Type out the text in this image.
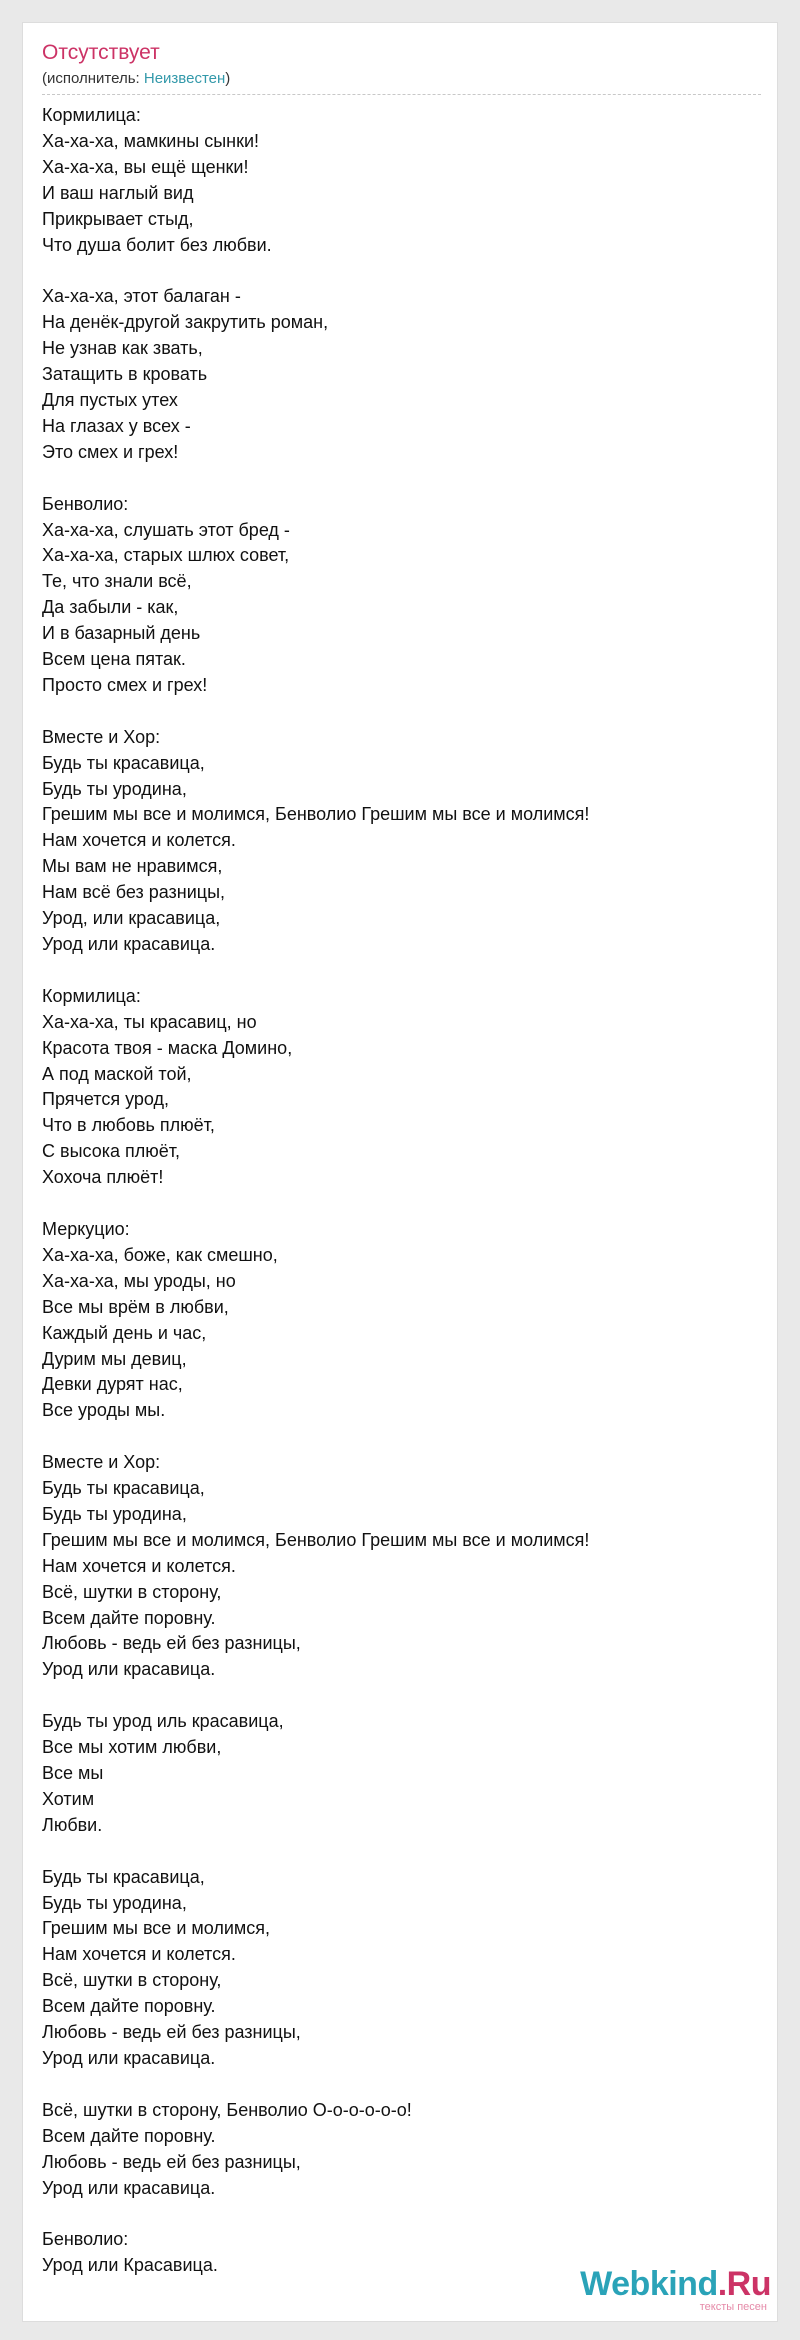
Отсутствует
(исполнитель: Неизвестен)
Кормилица:
Ха-ха-ха, мамкины сынки!
Ха-ха-ха, вы ещё щенки!
И ваш наглый вид
Прикрывает стыд,
Что душа болит без любви.

Ха-ха-ха, этот балаган -
На денёк-другой закрутить роман,
Не узнав как звать,
Затащить в кровать
Для пустых утех
На глазах у всех -
Это смех и грех!

Бенволио:
Ха-ха-ха, слушать этот бред -
Ха-ха-ха, старых шлюх совет,
Те, что знали всё,
Да забыли - как,
И в базарный день
Всем цена пятак.
Просто смех и грех!

Вместе и Хор:
Будь ты красавица,
Будь ты уродина,
Грешим мы все и молимся, Бенволио Грешим мы все и молимся!
Нам хочется и колется.
Мы вам не нравимся,
Нам всё без разницы,
Урод, или красавица,
Урод или красавица.

Кормилица:
Ха-ха-ха, ты красавиц, но
Красота твоя - маска Домино,
А под маской той,
Прячется урод,
Что в любовь плюёт,
С высока плюёт,
Хохоча плюёт!

Меркуцио:
Ха-ха-ха, боже, как смешно,
Ха-ха-ха, мы уроды, но
Все мы врём в любви,
Каждый день и час,
Дурим мы девиц,
Девки дурят нас,
Все уроды мы.

Вместе и Хор:
Будь ты красавица,
Будь ты уродина,
Грешим мы все и молимся, Бенволио Грешим мы все и молимся!
Нам хочется и колется.
Всё, шутки в сторону,
Всем дайте поровну.
Любовь - ведь ей без разницы,
Урод или красавица.

Будь ты урод иль красавица,
Все мы хотим любви,
Все мы
Хотим
Любви.

Будь ты красавица,
Будь ты уродина,
Грешим мы все и молимся,
Нам хочется и колется.
Всё, шутки в сторону,
Всем дайте поровну.
Любовь - ведь ей без разницы,
Урод или красавица.

Всё, шутки в сторону, Бенволио О-о-о-о-о-о!
Всем дайте поровну.
Любовь - ведь ей без разницы,
Урод или красавица.

Бенволио:
Урод или Красавица.	Webkind.Ru
тексты песен
